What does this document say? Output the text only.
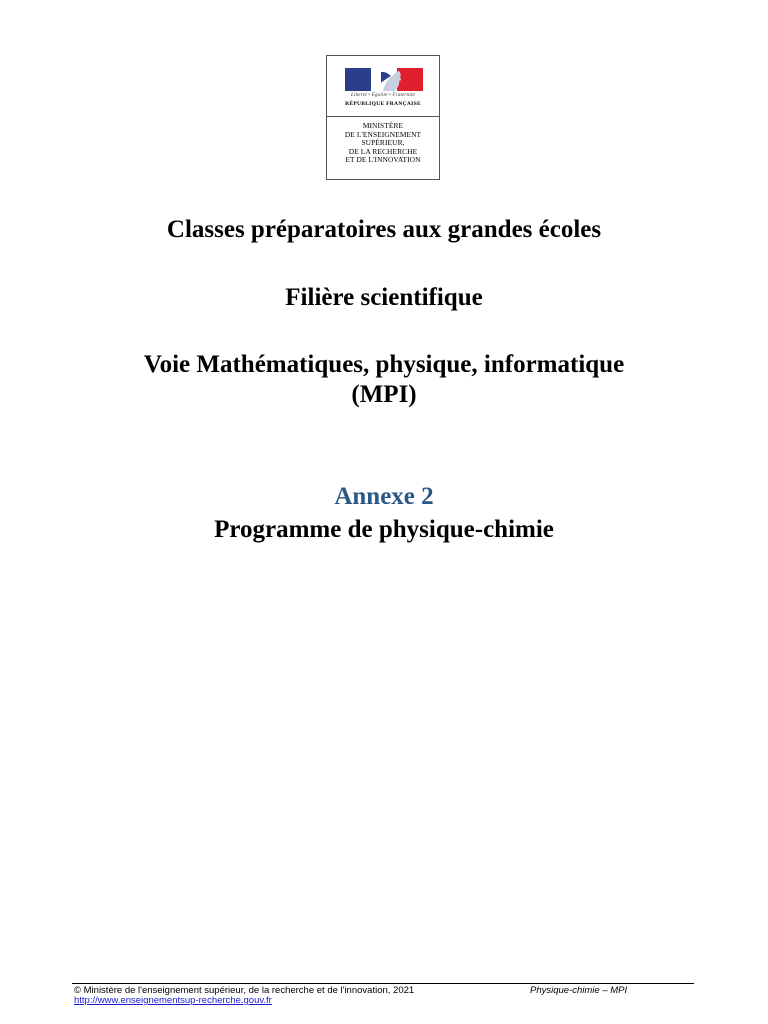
Liberté • Égalité • Fraternité
RÉPUBLIQUE FRANÇAISE
MINISTÈRE
DE L'ENSEIGNEMENT
SUPÉRIEUR,
DE LA RECHERCHE
ET DE L'INNOVATION
Classes préparatoires aux grandes écoles
Filière scientifique
Voie Mathématiques, physique, informatique
(MPI)
Annexe 2
Programme de physique-chimie
© Ministère de l'enseignement supérieur, de la recherche et de l'innovation, 2021	Physique-chimie – MPI
http://www.enseignementsup-recherche.gouv.fr
